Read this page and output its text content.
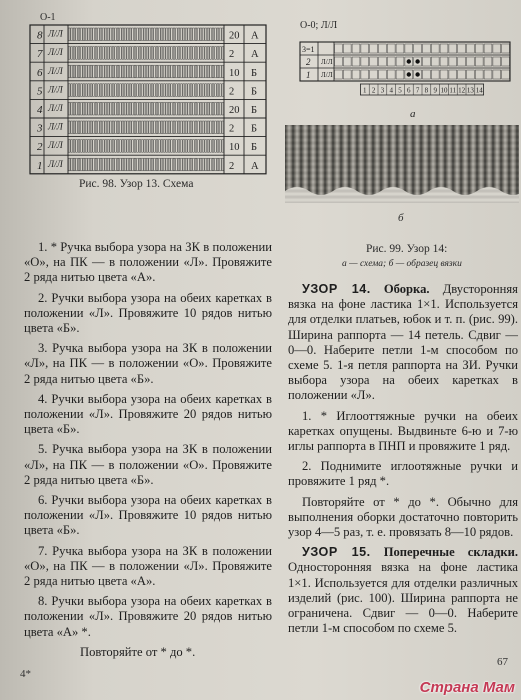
О-1
8 Л/Л	20 А
7 Л/Л	2 А
6 Л/Л	10 Б
5 Л/Л	2 Б
4 Л/Л	20 Б
3 Л/Л	2 Б
2 Л/Л	10 Б
1 Л/Л	2 А
Рис. 98. Узор 13. Схема
О-0; Л/Л
3=1
2 Л/Л
1 Л/Л
1 2 3 4 5 6 7 8 9 10 11 12 13 14
а
б
Рис. 99. Узор 14:
а — схема; б — образец вязки

1. * Ручка выбора узора на ЗК в положении «О», на ПК — в положении «Л». Провяжите 2 ряда нитью цвета «А».

2. Ручки выбора узора на обеих каретках в положении «Л». Провяжите 10 рядов нитью цвета «Б».

3. Ручка выбора узора на ЗК в положении «Л», на ПК — в положении «О». Провяжите 2 ряда нитью цвета «Б».

4. Ручки выбора узора на обеих каретках в положении «Л». Провяжите 20 рядов нитью цвета «Б».

5. Ручка выбора узора на ЗК в положении «Л», на ПК — в положении «О». Провяжите 2 ряда нитью цвета «Б».

6. Ручки выбора узора на обеих каретках в положении «Л». Провяжите 10 рядов нитью цвета «Б».

7. Ручка выбора узора на ЗК в положении «О», на ПК — в положении «Л». Провяжите 2 ряда нитью цвета «А».

8. Ручки выбора узора на обеих каретках в положении «Л». Провяжите 20 рядов нитью цвета «А» *.

Повторяйте от * до *.

УЗОР 14. Оборка. Двусторонняя вязка на фоне ластика 1×1. Используется для отделки платьев, юбок и т. п. (рис. 99). Ширина раппорта — 14 петель. Сдвиг — 0—0. Наберите петли 1-м способом по схеме 5. 1-я петля раппорта на ЗИ. Ручки выбора узора на обеих каретках в положении «Л».

1. * Иглооттяжные ручки на обеих каретках опущены. Выдвиньте 6-ю и 7-ю иглы раппорта в ПНП и провяжите 1 ряд.

2. Поднимите иглоотяжные ручки и провяжите 1 ряд *.

Повторяйте от * до *. Обычно для выполнения оборки достаточно повторить узор 4—5 раз, т. е. провязать 8—10 рядов.

УЗОР 15. Поперечные складки. Односторонняя вязка на фоне ластика 1×1. Используется для отделки различных изделий (рис. 100). Ширина раппорта не ограничена. Сдвиг — 0—0. Наберите петли 1-м способом по схеме 5.

4*
67
Страна Мам
